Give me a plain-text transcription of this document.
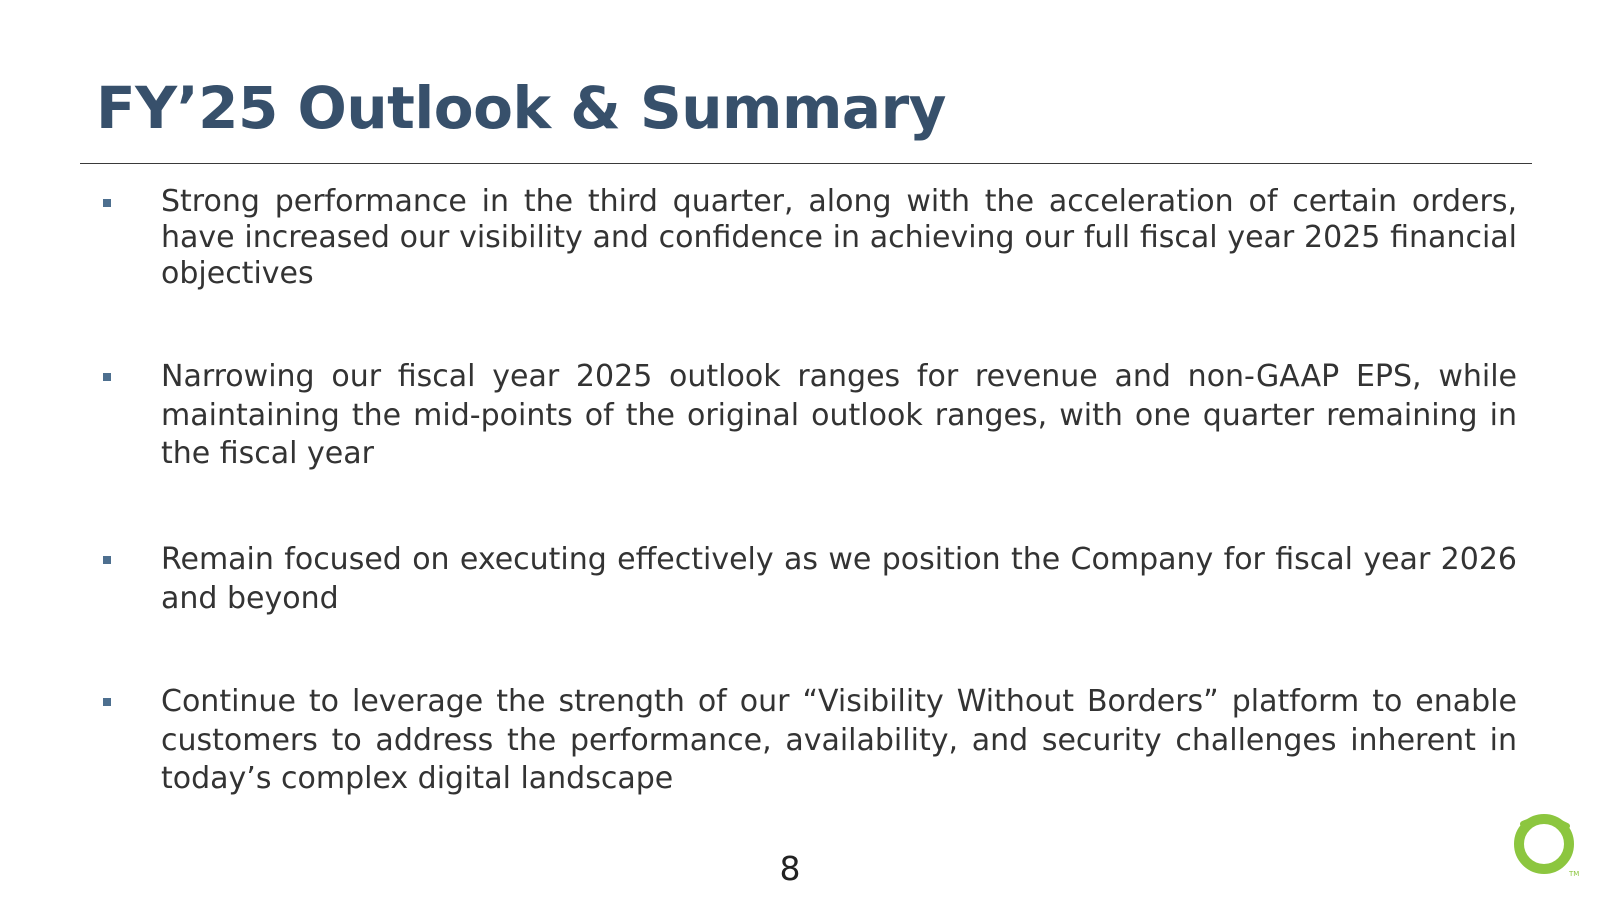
FY’25 Outlook & Summary

Strong performance in the third quarter, along with the acceleration of certain orders, have increased our visibility and confidence in achieving our full fiscal year 2025 financial objectives

Narrowing our fiscal year 2025 outlook ranges for revenue and non-GAAP EPS, while maintaining the mid-points of the original outlook ranges, with one quarter remaining in the fiscal year

Remain focused on executing effectively as we position the Company for fiscal year 2026 and beyond

Continue to leverage the strength of our “Visibility Without Borders” platform to enable customers to address the performance, availability, and security challenges inherent in today’s complex digital landscape

8	TM
